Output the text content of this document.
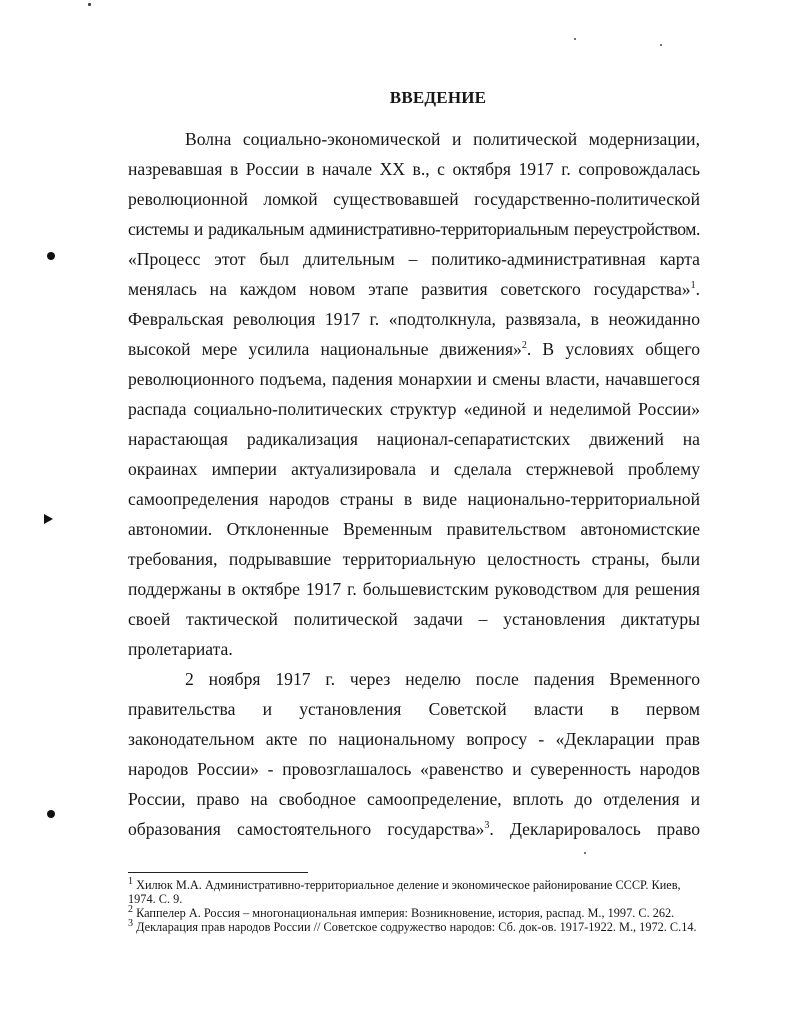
ВВЕДЕНИЕ

Волна социально-экономической и политической модернизации,
назревавшая в России в начале XX в., с октября 1917 г. сопровождалась
революционной ломкой существовавшей государственно-политической
системы и радикальным административно-территориальным переустройством.
«Процесс этот был длительным – политико-административная карта
менялась на каждом новом этапе развития советского государства»$^1$.
Февральская революция 1917 г. «подтолкнула, развязала, в неожиданно
высокой мере усилила национальные движения»$^2$. В условиях общего
революционного подъема, падения монархии и смены власти, начавшегося
распада социально-политических структур «единой и неделимой России»
нарастающая радикализация национал-сепаратистских движений на
окраинах империи актуализировала и сделала стержневой проблему
самоопределения народов страны в виде национально-территориальной
автономии. Отклоненные Временным правительством автономистские
требования, подрывавшие территориальную целостность страны, были
поддержаны в октябре 1917 г. большевистским руководством для решения
своей тактической политической задачи – установления диктатуры
пролетариата.

2 ноября 1917 г. через неделю после падения Временного
правительства и установления Советской власти в первом
законодательном акте по национальному вопросу - «Декларации прав
народов России» - провозглашалось «равенство и суверенность народов
России, право на свободное самоопределение, вплоть до отделения и
образования самостоятельного государства»$^3$. Декларировалось право

$^1$ Хилюк М.А. Административно-территориальное деление и экономическое районирование СССР. Киев, 1974. С. 9.
$^2$ Каппелер А. Россия – многонациональная империя: Возникновение, история, распад. М., 1997. С. 262.
$^3$ Декларация прав народов России // Советское содружество народов: Сб. док-ов. 1917-1922. М., 1972. С.14.
